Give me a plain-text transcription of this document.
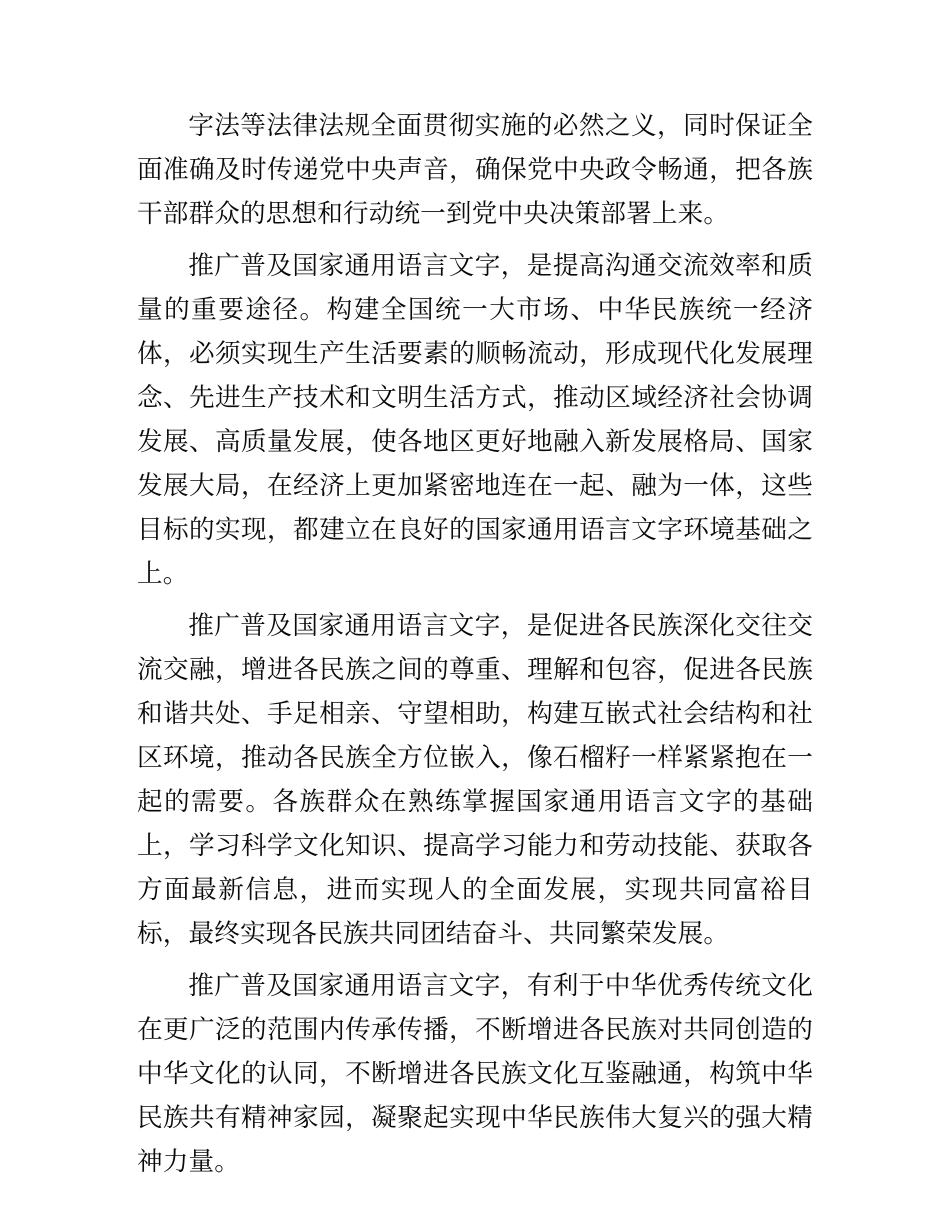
字法等法律法规全面贯彻实施的必然之义，同时保证全面准确及时传递党中央声音，确保党中央政令畅通，把各族干部群众的思想和行动统一到党中央决策部署上来。

推广普及国家通用语言文字，是提高沟通交流效率和质量的重要途径。构建全国统一大市场、中华民族统一经济体，必须实现生产生活要素的顺畅流动，形成现代化发展理念、先进生产技术和文明生活方式，推动区域经济社会协调发展、高质量发展，使各地区更好地融入新发展格局、国家发展大局，在经济上更加紧密地连在一起、融为一体，这些目标的实现，都建立在良好的国家通用语言文字环境基础之上。

推广普及国家通用语言文字，是促进各民族深化交往交流交融，增进各民族之间的尊重、理解和包容，促进各民族和谐共处、手足相亲、守望相助，构建互嵌式社会结构和社区环境，推动各民族全方位嵌入，像石榴籽一样紧紧抱在一起的需要。各族群众在熟练掌握国家通用语言文字的基础上，学习科学文化知识、提高学习能力和劳动技能、获取各方面最新信息，进而实现人的全面发展，实现共同富裕目标，最终实现各民族共同团结奋斗、共同繁荣发展。

推广普及国家通用语言文字，有利于中华优秀传统文化在更广泛的范围内传承传播，不断增进各民族对共同创造的中华文化的认同，不断增进各民族文化互鉴融通，构筑中华民族共有精神家园，凝聚起实现中华民族伟大复兴的强大精神力量。
